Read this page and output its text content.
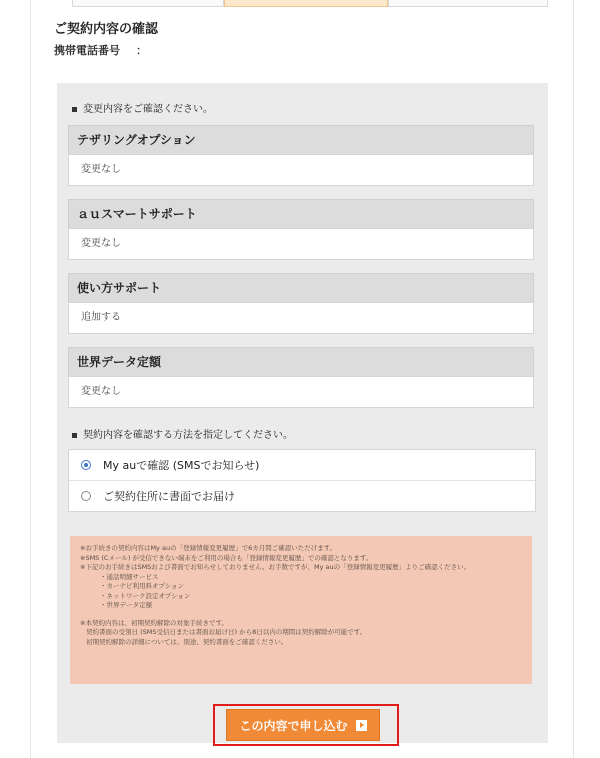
ご契約内容の確認
携帯電話番号 ：
変更内容をご確認ください。
テザリングオプション
変更なし
ａｕスマートサポート
変更なし
使い方サポート
追加する
世界データ定額
変更なし
契約内容を確認する方法を指定してください。
My auで確認 (SMSでお知らせ)
ご契約住所に書面でお届け

※お手続きの契約内容はMy auの「登録情報変更履歴」で6カ月間ご確認いただけます。

※SMS (Cメール) が受信できない端末をご利用の場合も「登録情報変更履歴」での確認となります。

※下記のお手続きはSMSおよび書面でお知らせしておりません。お手数ですが、My auの「登録情報変更履歴」よりご確認ください。

・通話明細サービス

・カーナビ利用料オプション

・ネットワーク設定オプション

・世界データ定額

※本契約内容は、初期契約解除の対象手続きです。

契約書面の受領日 (SMS受信日または書面お届け日) から8日以内の期間は契約解除が可能です。

初期契約解除の詳細については、別途、契約書面をご確認ください。

この内容で申し込む
